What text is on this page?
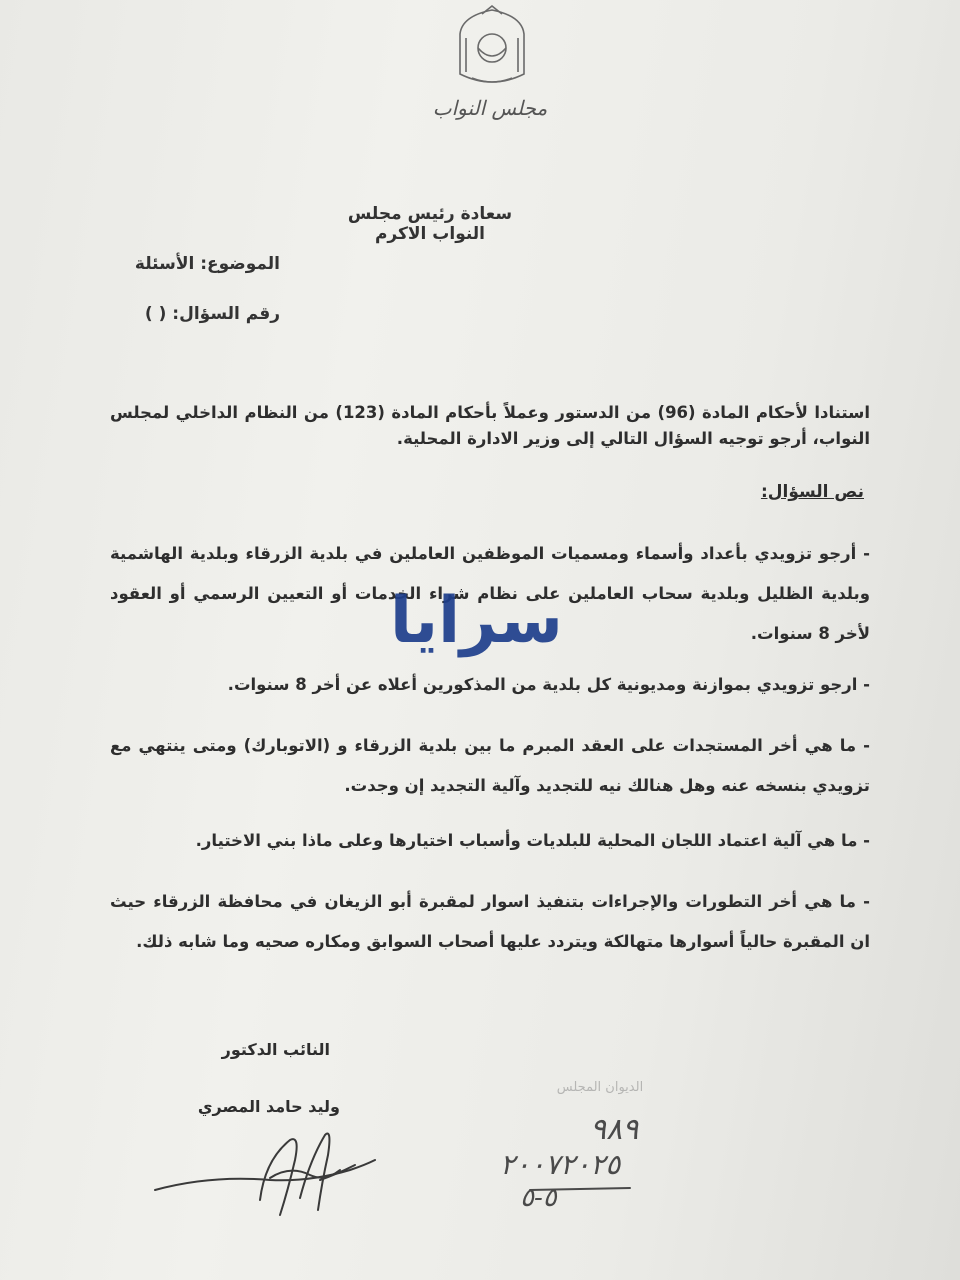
مجلس النواب
سعادة رئيس مجلس النواب الاكرم
الموضوع: الأسئلة
رقم السؤال: ( )
استنادا لأحكام المادة (96) من الدستور وعملاً بأحكام المادة (123) من النظام الداخلي لمجلس النواب، أرجو توجيه السؤال التالي إلى وزير الادارة المحلية.
نص السؤال:
- أرجو تزويدي بأعداد وأسماء ومسميات الموظفين العاملين في بلدية الزرقاء وبلدية الهاشمية وبلدية الظليل وبلدية سحاب العاملين على نظام شراء الخدمات أو التعيين الرسمي أو العقود لأخر 8 سنوات.
- ارجو تزويدي بموازنة ومديونية كل بلدية من المذكورين أعلاه عن أخر 8 سنوات.
- ما هي أخر المستجدات على العقد المبرم ما بين بلدية الزرقاء و (الاتوبارك) ومتى ينتهي مع تزويدي بنسخه عنه وهل هنالك نيه للتجديد وآلية التجديد إن وجدت.
- ما هي آلية اعتماد اللجان المحلية للبلديات وأسباب اختيارها وعلى ماذا بني الاختيار.
- ما هي أخر التطورات والإجراءات بتنفيذ اسوار لمقبرة أبو الزيغان في محافظة الزرقاء حيث ان المقبرة حالياً أسوارها متهالكة ويتردد عليها أصحاب السوابق ومكاره صحيه وما شابه ذلك.
سرايا
النائب الدكتور
وليد حامد المصري
الديوان المجلس
٩٨٩
٢٠٠٧٢٠٢٥
٥-٥
